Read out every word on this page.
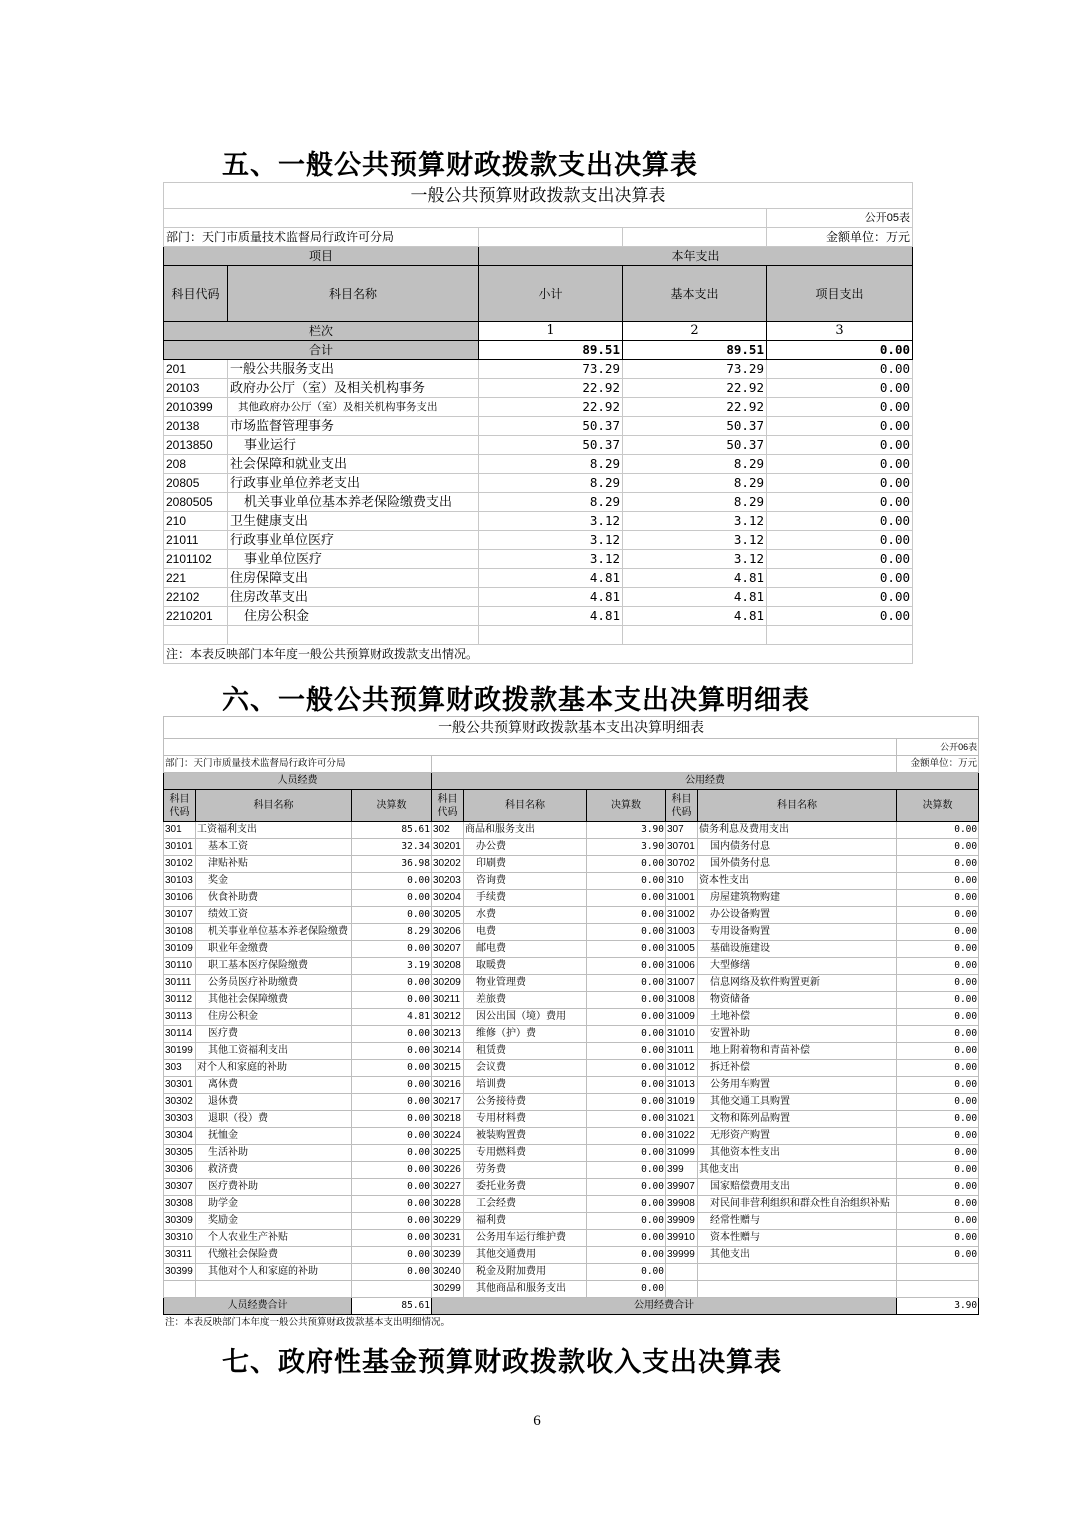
五、一般公共预算财政拨款支出决算表
一般公共预算财政拨款支出决算表				
				公开05表
部门：天门市质量技术监督局行政许可分局				金额单位：万元
项目		本年支出		
科目代码	科目名称	小计	基本支出	项目支出
栏次		1	2	3
合计		89.51	89.51	0.00
201	一般公共服务支出	73.29	73.29	0.00
20103	政府办公厅（室）及相关机构事务	22.92	22.92	0.00
2010399	其他政府办公厅（室）及相关机构事务支出	22.92	22.92	0.00
20138	市场监督管理事务	50.37	50.37	0.00
2013850	事业运行	50.37	50.37	0.00
208	社会保障和就业支出	8.29	8.29	0.00
20805	行政事业单位养老支出	8.29	8.29	0.00
2080505	机关事业单位基本养老保险缴费支出	8.29	8.29	0.00
210	卫生健康支出	3.12	3.12	0.00
21011	行政事业单位医疗	3.12	3.12	0.00
2101102	事业单位医疗	3.12	3.12	0.00
221	住房保障支出	4.81	4.81	0.00
22102	住房改革支出	4.81	4.81	0.00
2210201	住房公积金	4.81	4.81	0.00

注：本表反映部门本年度一般公共预算财政拨款支出情况。				
六、一般公共预算财政拨款基本支出决算明细表
一般公共预算财政拨款基本支出决算明细表								
								公开06表
部门：天门市质量技术监督局行政许可分局								金额单位：万元
人员经费			公用经费					
科目代码	科目名称	决算数	科目代码	科目名称	决算数	科目代码	科目名称	决算数
301	工资福利支出	85.61	302	商品和服务支出	3.90	307	债务利息及费用支出	0.00
30101	基本工资	32.34	30201	办公费	3.90	30701	国内债务付息	0.00
30102	津贴补贴	36.98	30202	印刷费	0.00	30702	国外债务付息	0.00
30103	奖金	0.00	30203	咨询费	0.00	310	资本性支出	0.00
30106	伙食补助费	0.00	30204	手续费	0.00	31001	房屋建筑物购建	0.00
30107	绩效工资	0.00	30205	水费	0.00	31002	办公设备购置	0.00
30108	机关事业单位基本养老保险缴费	8.29	30206	电费	0.00	31003	专用设备购置	0.00
30109	职业年金缴费	0.00	30207	邮电费	0.00	31005	基础设施建设	0.00
30110	职工基本医疗保险缴费	3.19	30208	取暖费	0.00	31006	大型修缮	0.00
30111	公务员医疗补助缴费	0.00	30209	物业管理费	0.00	31007	信息网络及软件购置更新	0.00
30112	其他社会保障缴费	0.00	30211	差旅费	0.00	31008	物资储备	0.00
30113	住房公积金	4.81	30212	因公出国（境）费用	0.00	31009	土地补偿	0.00
30114	医疗费	0.00	30213	维修（护）费	0.00	31010	安置补助	0.00
30199	其他工资福利支出	0.00	30214	租赁费	0.00	31011	地上附着物和青苗补偿	0.00
303	对个人和家庭的补助	0.00	30215	会议费	0.00	31012	拆迁补偿	0.00
30301	离休费	0.00	30216	培训费	0.00	31013	公务用车购置	0.00
30302	退休费	0.00	30217	公务接待费	0.00	31019	其他交通工具购置	0.00
30303	退职（役）费	0.00	30218	专用材料费	0.00	31021	文物和陈列品购置	0.00
30304	抚恤金	0.00	30224	被装购置费	0.00	31022	无形资产购置	0.00
30305	生活补助	0.00	30225	专用燃料费	0.00	31099	其他资本性支出	0.00
30306	救济费	0.00	30226	劳务费	0.00	399	其他支出	0.00
30307	医疗费补助	0.00	30227	委托业务费	0.00	39907	国家赔偿费用支出	0.00
30308	助学金	0.00	30228	工会经费	0.00	39908	对民间非营利组织和群众性自治组织补贴	0.00
30309	奖励金	0.00	30229	福利费	0.00	39909	经常性赠与	0.00
30310	个人农业生产补贴	0.00	30231	公务用车运行维护费	0.00	39910	资本性赠与	0.00
30311	代缴社会保险费	0.00	30239	其他交通费用	0.00	39999	其他支出	0.00
30399	其他对个人和家庭的补助	0.00	30240	税金及附加费用	0.00			
			30299	其他商品和服务支出	0.00			
人员经费合计		85.61	公用经费合计					3.90
注：本表反映部门本年度一般公共预算财政拨款基本支出明细情况。								
七、政府性基金预算财政拨款收入支出决算表
6
